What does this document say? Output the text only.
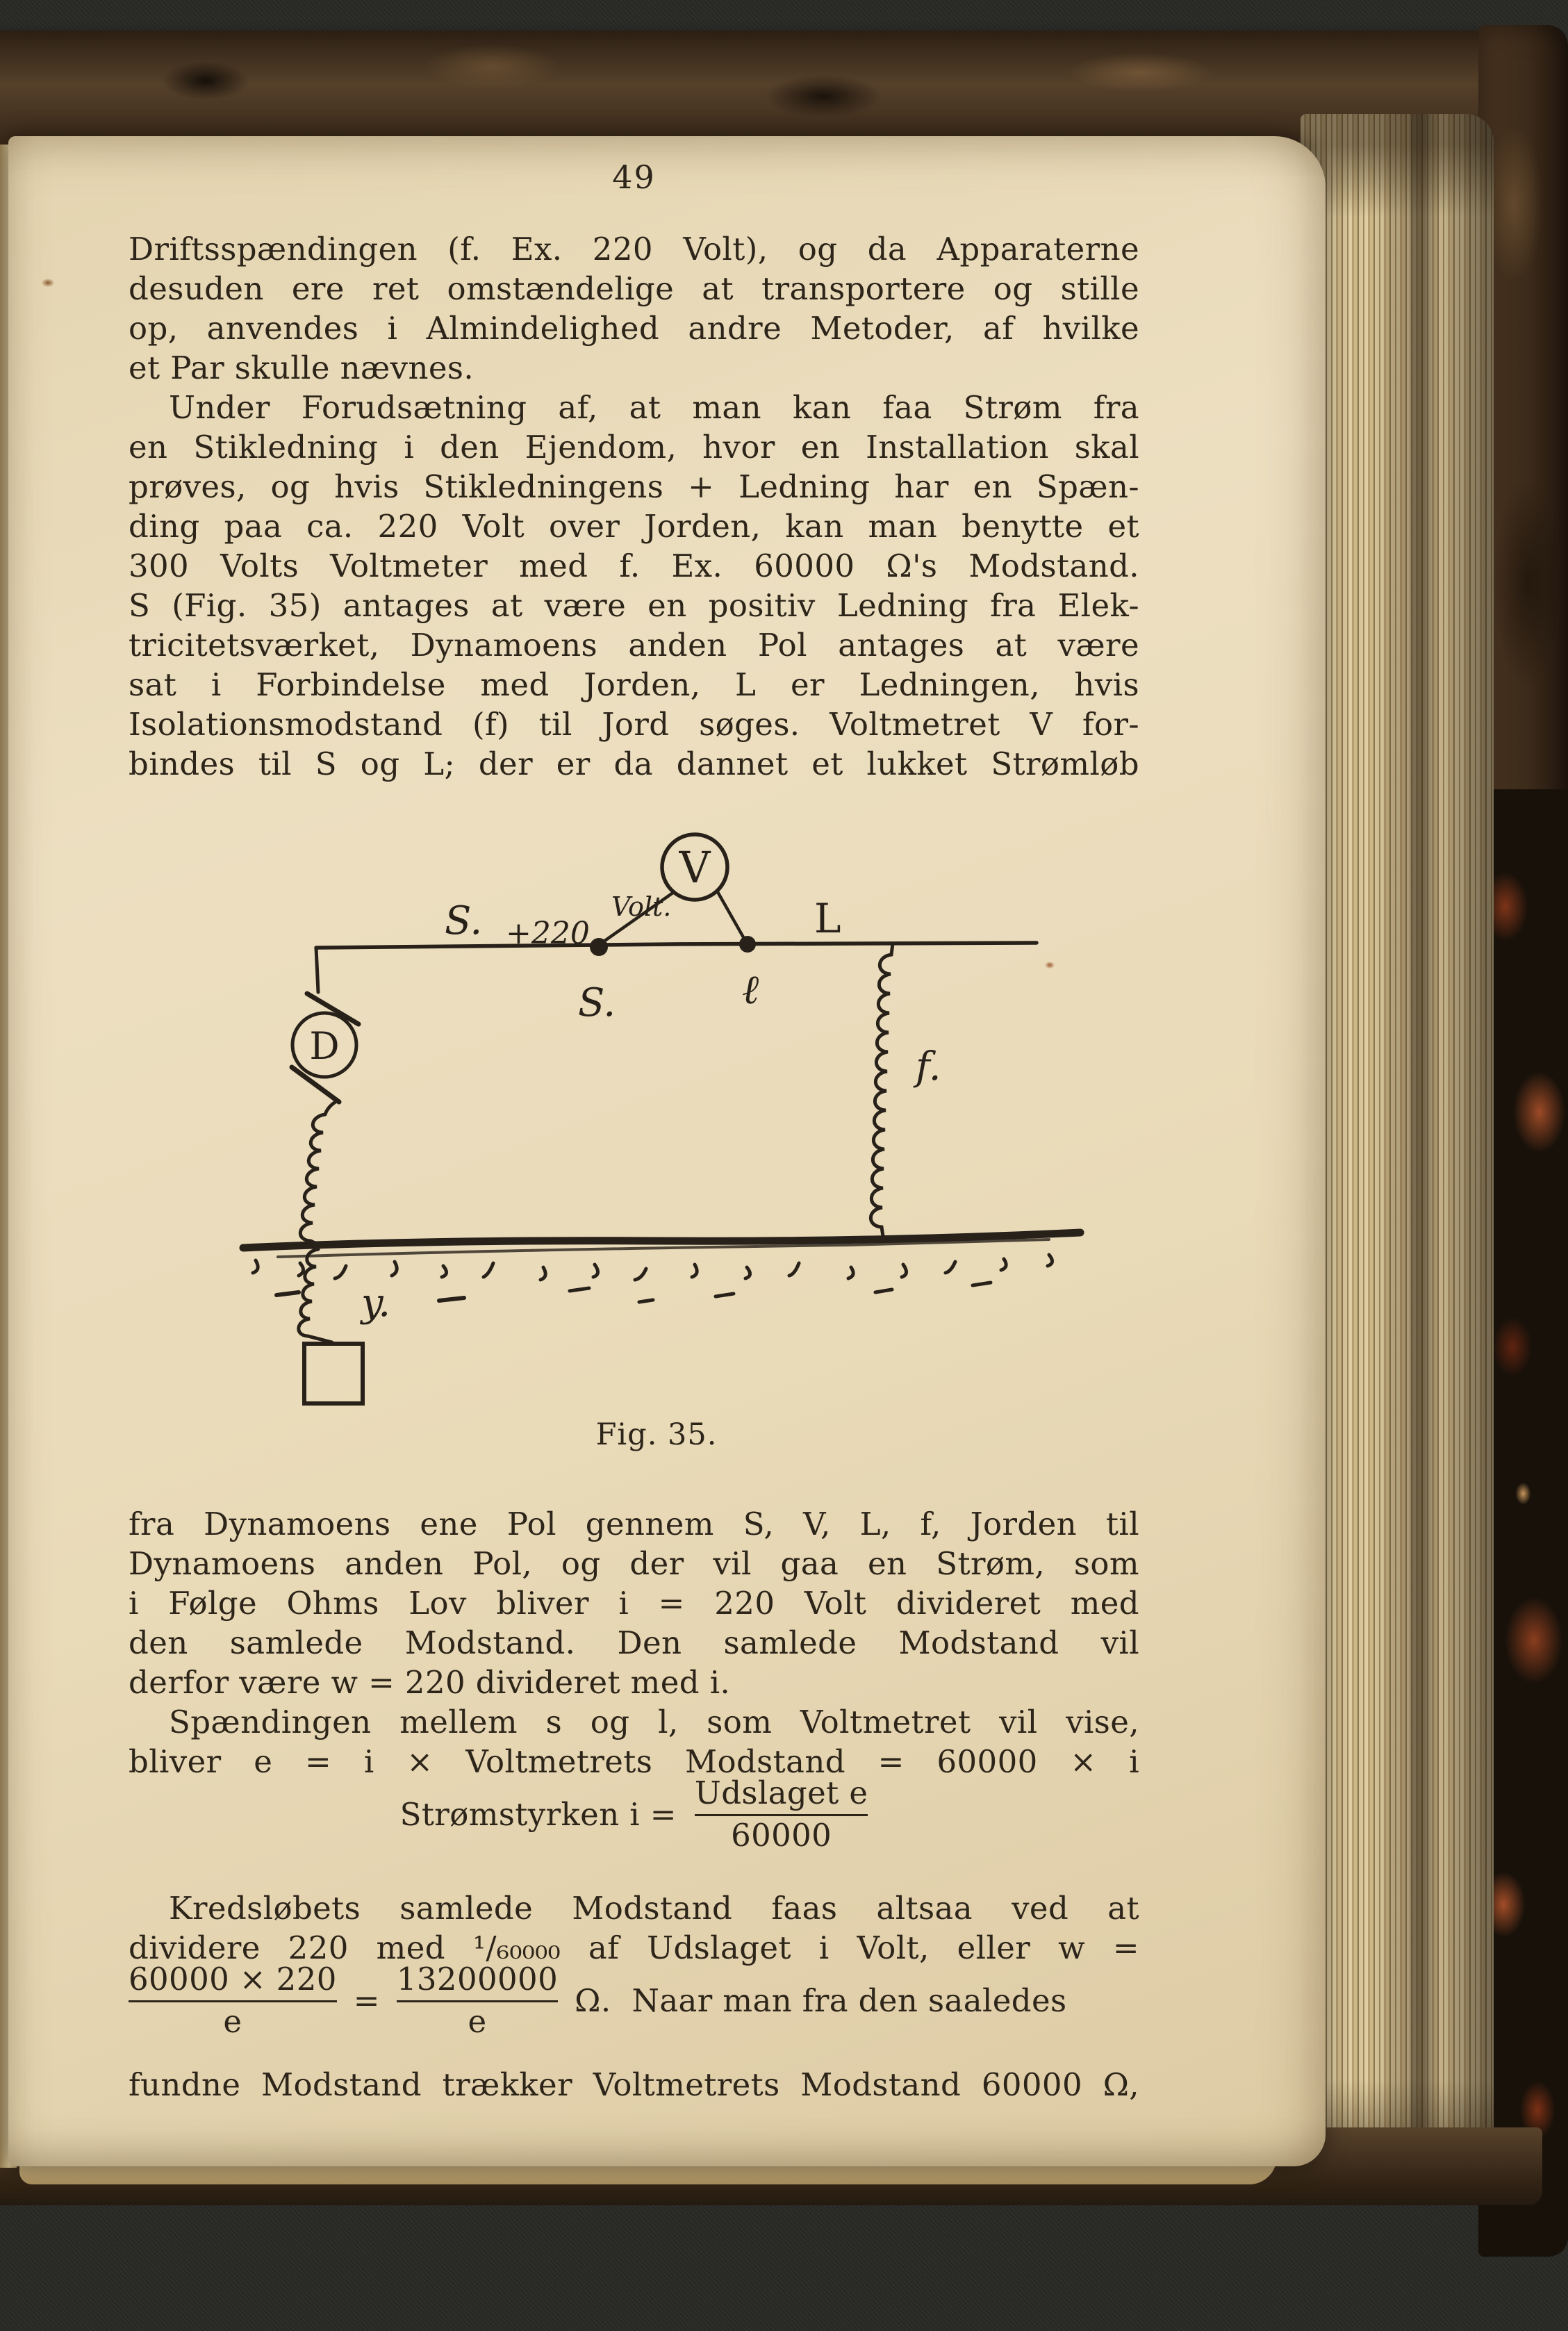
49
Driftsspændingen (f. Ex. 220 Volt), og da Apparaterne
desuden ere ret omstændelige at transportere og stille
op, anvendes i Almindelighed andre Metoder, af hvilke
et Par skulle nævnes.
Under Forudsætning af, at man kan faa Strøm fra
en Stikledning i den Ejendom, hvor en Installation skal
prøves, og hvis Stikledningens + Ledning har en Spæn-
ding paa ca. 220 Volt over Jorden, kan man benytte et
300 Volts Voltmeter med f. Ex. 60000 Ω's Modstand.
S (Fig. 35) antages at være en positiv Ledning fra Elek-
tricitetsværket, Dynamoens anden Pol antages at være
sat i Forbindelse med Jorden, L er Ledningen, hvis
Isolationsmodstand (f) til Jord søges. Voltmetret V for-
bindes til S og L; der er da dannet et lukket Strømløb
V
D
S. +220
Volt.
S.	ℓ
L
f.
y.
Fig. 35.
fra Dynamoens ene Pol gennem S, V, L, f, Jorden til
Dynamoens anden Pol, og der vil gaa en Strøm, som
i Følge Ohms Lov bliver i = 220 Volt divideret med
den samlede Modstand. Den samlede Modstand vil
derfor være w = 220 divideret med i.
Spændingen mellem s og l, som Voltmetret vil vise,
bliver e = i × Voltmetrets Modstand = 60000 × i
Strømstyrken $i = \frac{\text{Udslaget e}}{60000}$
Kredsløbets samlede Modstand faas altsaa ved at
dividere 220 med ¹/₆₀₀₀₀ af Udslaget i Volt, eller w =
$\frac{60000 \times 220}{e} = \frac{13200000}{e} \Omega$. Naar man fra den saaledes
fundne Modstand trækker Voltmetrets Modstand 60000 Ω,
